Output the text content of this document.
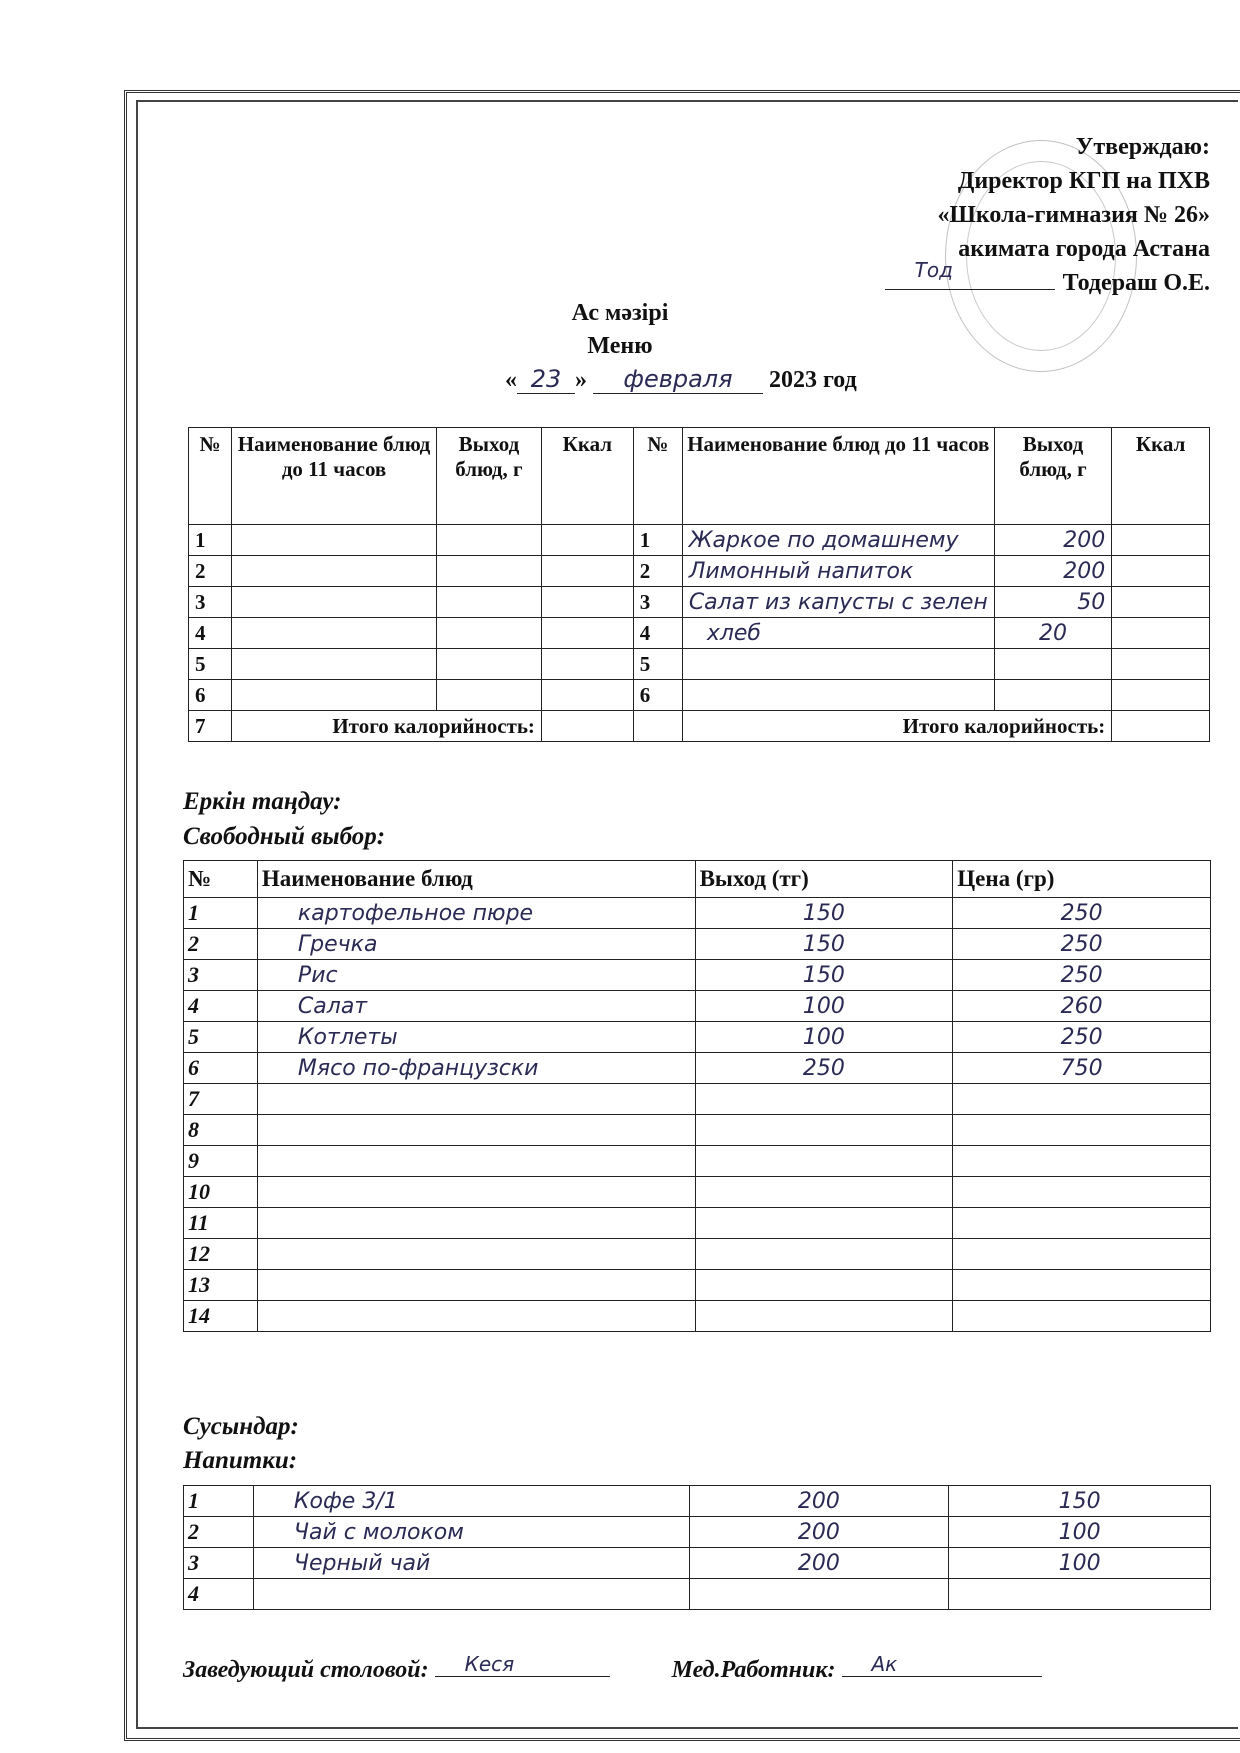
Утверждаю:
Директор КГП на ПХВ
«Школа-гимназия № 26»
акимата города Астана
Тод	Тодераш О.Е.
Ас мәзірі
Меню
« 23 » февраля 2023 год
№	Наименование блюд до 11 часов	Выход блюд, г	Ккал	№	Наименование блюд до 11 часов	Выход блюд, г	Ккал
1				1	Жаркое по домашнему	200	
2				2	Лимонный напиток	200	
3				3	Салат из капусты с зелен	50	
4				4	хлеб	20	
5				5			
6				6			
7	Итого калорийность:				Итого калорийность:		
Еркін таңдау:
Свободный выбор:
№	Наименование блюд	Выход (тг)	Цена (гр)
1	картофельное пюре	150	250
2	Гречка	150	250
3	Рис	150	250
4	Салат	100	260
5	Котлеты	100	250
6	Мясо по-французски	250	750
7			
8			
9			
10			
11			
12			
13			
14			
Сусындар:
Напитки:
1	Кофе 3/1	200	150
2	Чай с молоком	200	100
3	Черный чай	200	100
4			
Заведующий столовой: Кеся	Мед.Работник: Ак
